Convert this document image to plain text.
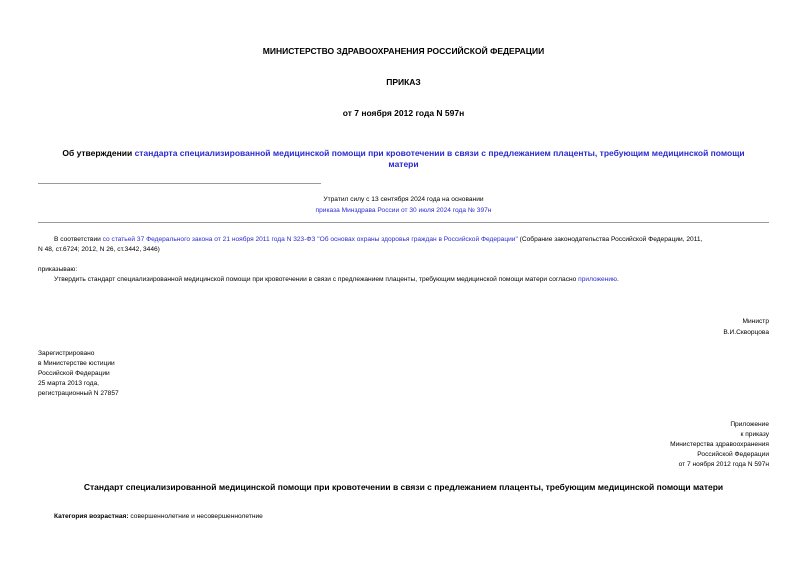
МИНИСТЕРСТВО ЗДРАВООХРАНЕНИЯ РОССИЙСКОЙ ФЕДЕРАЦИИ
ПРИКАЗ
от 7 ноября 2012 года N 597н
Об утверждении стандарта специализированной медицинской помощи при кровотечении в связи с предлежанием плаценты, требующим медицинской помощи
матери
Утратил силу с 13 сентября 2024 года на основании
приказа Минздрава России от 30 июля 2024 года № 397н
В соответствии со статьей 37 Федерального закона от 21 ноября 2011 года N 323-ФЗ "Об основах охраны здоровья граждан в Российской Федерации" (Собрание законодательства Российской Федерации, 2011,
N 48, ст.6724; 2012, N 26, ст.3442, 3446)
приказываю:
Утвердить стандарт специализированной медицинской помощи при кровотечении в связи с предлежанием плаценты, требующим медицинской помощи матери согласно приложению.
Министр
В.И.Скворцова
Зарегистрировано
в Министерстве юстиции
Российской Федерации
25 марта 2013 года,
регистрационный N 27857
Приложение
к приказу
Министерства здравоохранения
Российской Федерации
от 7 ноября 2012 года N 597н
Стандарт специализированной медицинской помощи при кровотечении в связи с предлежанием плаценты, требующим медицинской помощи матери
Категория возрастная: совершеннолетние и несовершеннолетние
